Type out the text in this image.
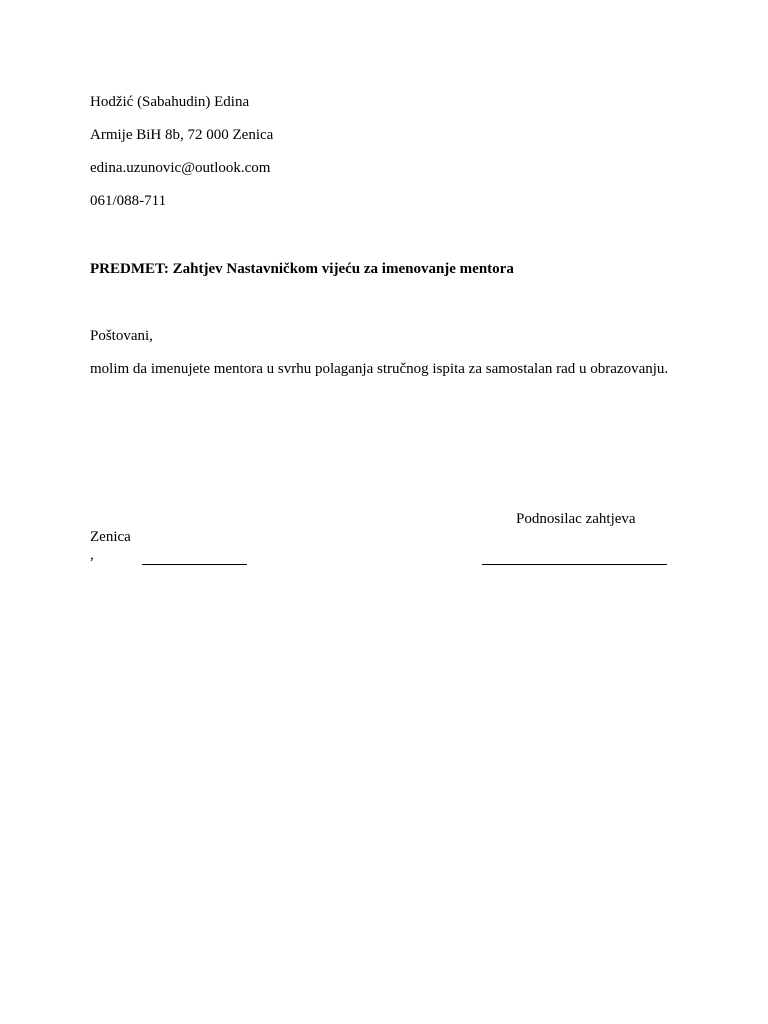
Hodžić (Sabahudin) Edina
Armije BiH 8b, 72 000 Zenica
edina.uzunovic@outlook.com
061/088-711
PREDMET: Zahtjev Nastavničkom vijeću za imenovanje mentora
Poštovani,
molim da imenujete mentora u svrhu polaganja stručnog ispita za samostalan rad u obrazovanju.
Podnosilac zahtjeva
Zenica
,
